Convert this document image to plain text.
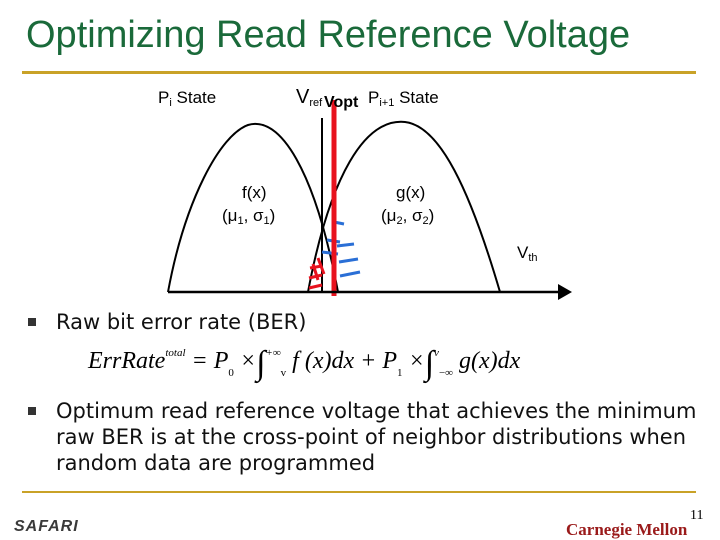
Optimizing Read Reference Voltage
$P_i$ State	$V_{ref}$ Vopt $P_{i+1}$ State
f(x)
($\mu_1$, $\sigma_1$)
g(x)
($\mu_2$, $\sigma_2$)
$V_{th}$
Raw bit error rate (BER)
ErrRate$^{total}$ = $P_0 \times\int^{+\infty}_v$ f $(x)dx + P_1 \times\int^v_{-\infty}$ g(x)dx
Optimum read reference voltage that achieves the minimum raw BER is at the cross-point of neighbor distributions when random data are programmed
SAFARI	Carnegie Mellon
11
